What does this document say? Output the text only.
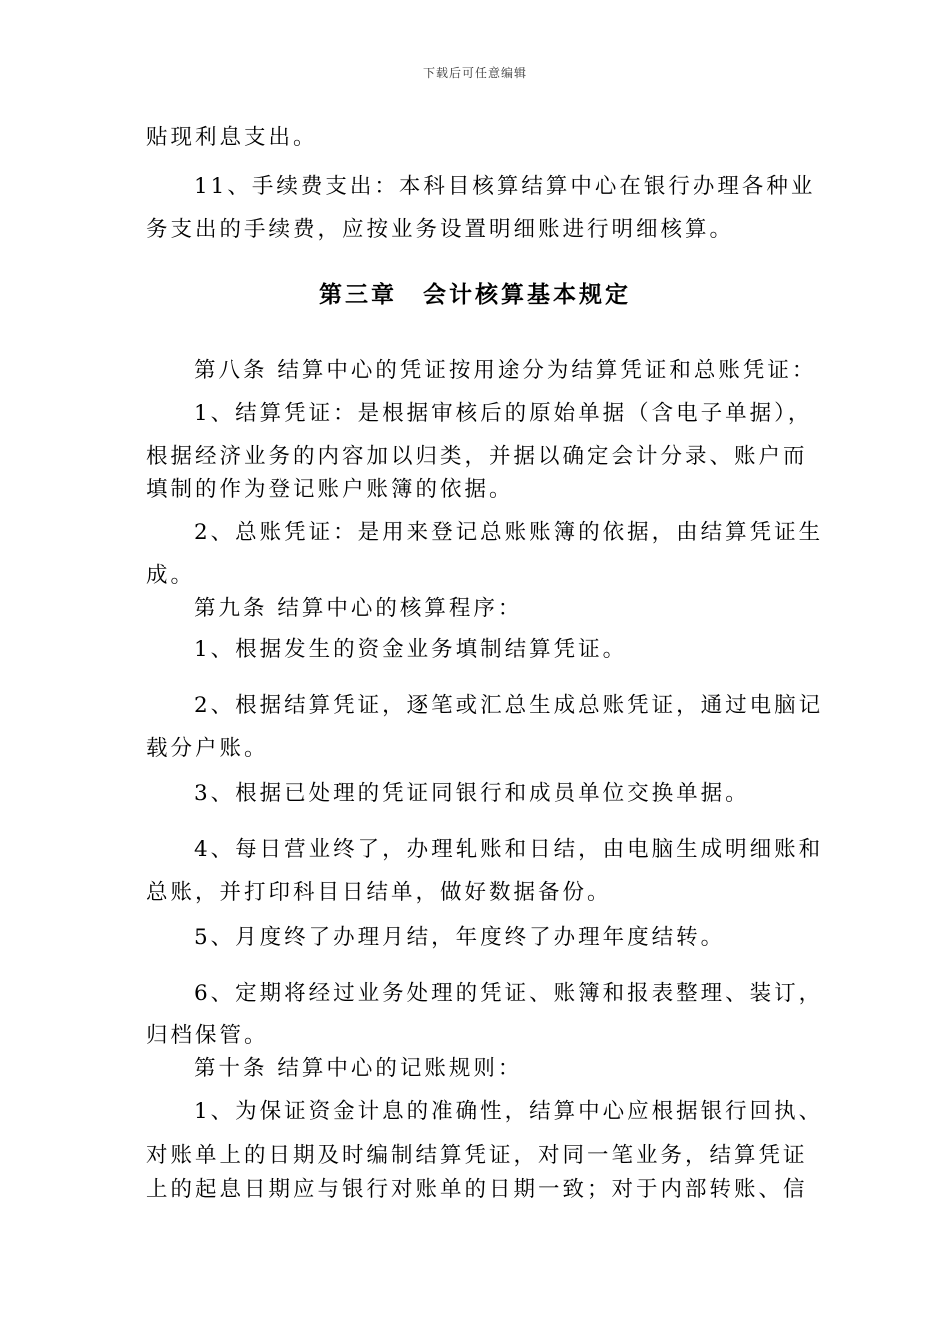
下载后可任意编辑
贴现利息支出。
11、手续费支出：本科目核算结算中心在银行办理各种业
务支出的手续费，应按业务设置明细账进行明细核算。
第三章　会计核算基本规定
第八条 结算中心的凭证按用途分为结算凭证和总账凭证：
1、结算凭证：是根据审核后的原始单据（含电子单据），
根据经济业务的内容加以归类，并据以确定会计分录、账户而
填制的作为登记账户账簿的依据。
2、总账凭证：是用来登记总账账簿的依据，由结算凭证生
成。
第九条 结算中心的核算程序：
1、根据发生的资金业务填制结算凭证。
2、根据结算凭证，逐笔或汇总生成总账凭证，通过电脑记
载分户账。
3、根据已处理的凭证同银行和成员单位交换单据。
4、每日营业终了，办理轧账和日结，由电脑生成明细账和
总账，并打印科目日结单，做好数据备份。
5、月度终了办理月结，年度终了办理年度结转。
6、定期将经过业务处理的凭证、账簿和报表整理、装订，
归档保管。
第十条 结算中心的记账规则：
1、为保证资金计息的准确性，结算中心应根据银行回执、
对账单上的日期及时编制结算凭证，对同一笔业务，结算凭证
上的起息日期应与银行对账单的日期一致；对于内部转账、信
